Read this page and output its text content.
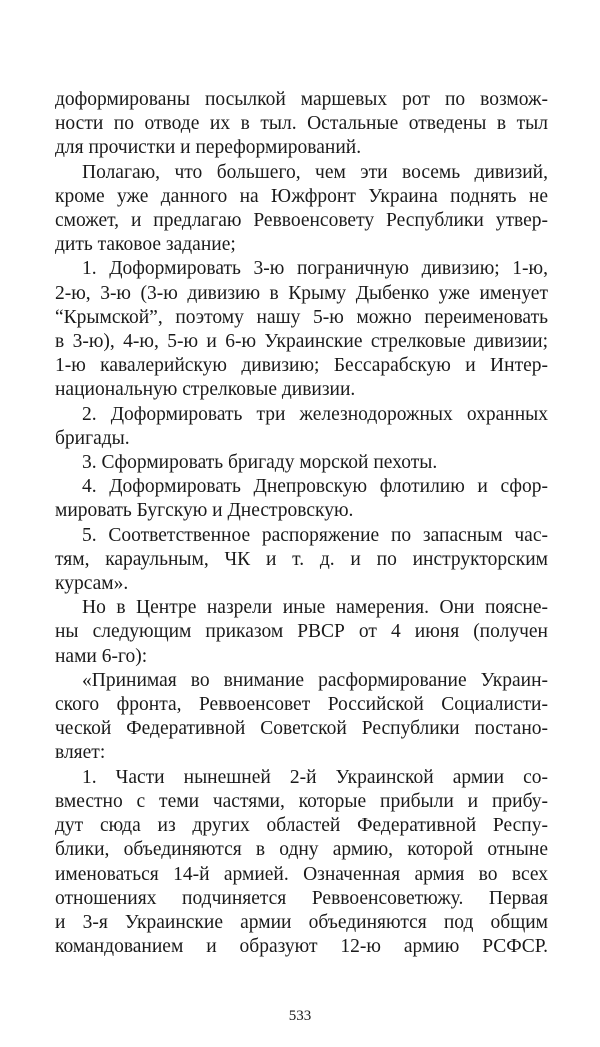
доформированы посылкой маршевых рот по возмож-
ности по отводе их в тыл. Остальные отведены в тыл
для прочистки и переформирований.

Полагаю, что большего, чем эти восемь дивизий,
кроме уже данного на Южфронт Украина поднять не
сможет, и предлагаю Реввоенсовету Республики утвер-
дить таковое задание;

1. Доформировать 3-ю пограничную дивизию; 1-ю,
2-ю, 3-ю (3-ю дивизию в Крыму Дыбенко уже именует
“Крымской”, поэтому нашу 5-ю можно переименовать
в 3-ю), 4-ю, 5-ю и 6-ю Украинские стрелковые дивизии;
1-ю кавалерийскую дивизию; Бессарабскую и Интер-
национальную стрелковые дивизии.

2. Доформировать три железнодорожных охранных
бригады.

3. Сформировать бригаду морской пехоты.

4. Доформировать Днепровскую флотилию и сфор-
мировать Бугскую и Днестровскую.

5. Соответственное распоряжение по запасным час-
тям, караульным, ЧК и т. д. и по инструкторским
курсам».

Но в Центре назрели иные намерения. Они поясне-
ны следующим приказом РВСР от 4 июня (получен
нами 6-го):

«Принимая во внимание расформирование Украин-
ского фронта, Реввоенсовет Российской Социалисти-
ческой Федеративной Советской Республики постано-
вляет:

1. Части нынешней 2-й Украинской армии со-
вместно с теми частями, которые прибыли и прибу-
дут сюда из других областей Федеративной Респу-
блики, объединяются в одну армию, которой отныне
именоваться 14-й армией. Означенная армия во всех
отношениях подчиняется Реввоенсоветюжу. Первая
и 3-я Украинские армии объединяются под общим
командованием и образуют 12-ю армию РСФСР.

533
